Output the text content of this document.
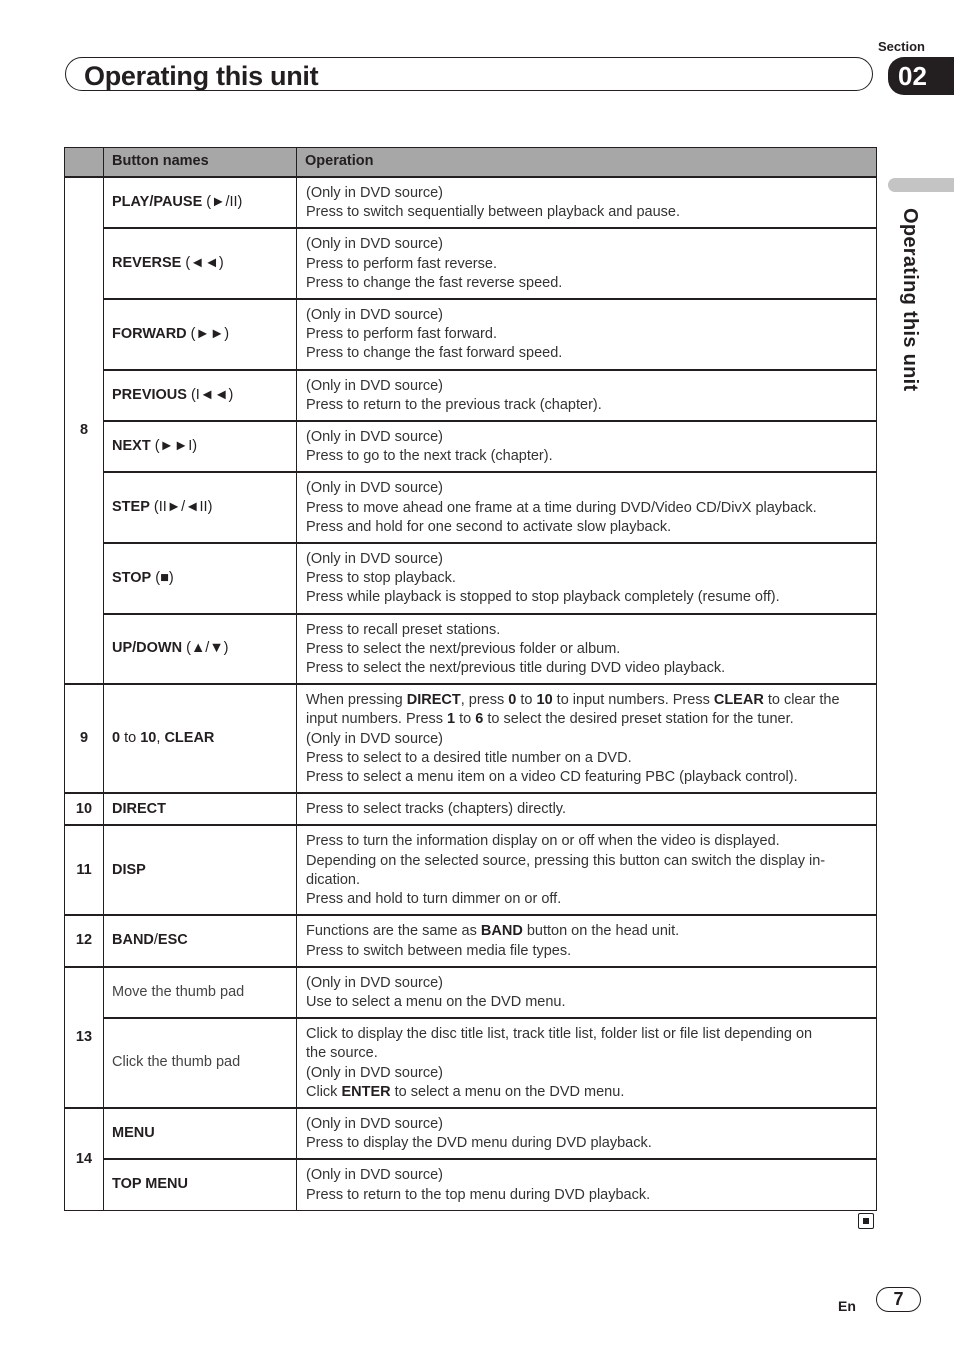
Operating this unit
Section
02
Operating this unit
	Button names	Operation
8	PLAY/PAUSE (►/II)	(Only in DVD source)
Press to switch sequentially between playback and pause.

	REVERSE (◄◄)	(Only in DVD source)
Press to perform fast reverse.
Press to change the fast reverse speed.

	FORWARD (►►)	(Only in DVD source)
Press to perform fast forward.
Press to change the fast forward speed.

	PREVIOUS (I◄◄)	(Only in DVD source)
Press to return to the previous track (chapter).

	NEXT (►►I)	(Only in DVD source)
Press to go to the next track (chapter).

	STEP (II►/◄II)	(Only in DVD source)
Press to move ahead one frame at a time during DVD/Video CD/DivX playback.
Press and hold for one second to activate slow playback.

	STOP (■)	(Only in DVD source)
Press to stop playback.
Press while playback is stopped to stop playback completely (resume off).

	UP/DOWN (▲/▼)	Press to recall preset stations.
Press to select the next/previous folder or album.
Press to select the next/previous title during DVD video playback.

9	0 to 10, CLEAR	When pressing DIRECT, press 0 to 10 to input numbers. Press CLEAR to clear the
input numbers. Press 1 to 6 to select the desired preset station for the tuner.
(Only in DVD source)
Press to select to a desired title number on a DVD.
Press to select a menu item on a video CD featuring PBC (playback control).

10	DIRECT	Press to select tracks (chapters) directly.

11	DISP	Press to turn the information display on or off when the video is displayed.
Depending on the selected source, pressing this button can switch the display in-
dication.
Press and hold to turn dimmer on or off.

12	BAND/ESC	Functions are the same as BAND button on the head unit.
Press to switch between media file types.

13	Move the thumb pad	(Only in DVD source)
Use to select a menu on the DVD menu.

	Click the thumb pad	Click to display the disc title list, track title list, folder list or file list depending on
the source.
(Only in DVD source)
Click ENTER to select a menu on the DVD menu.

14	MENU	(Only in DVD source)
Press to display the DVD menu during DVD playback.

	TOP MENU	(Only in DVD source)
Press to return to the top menu during DVD playback.
En	7
